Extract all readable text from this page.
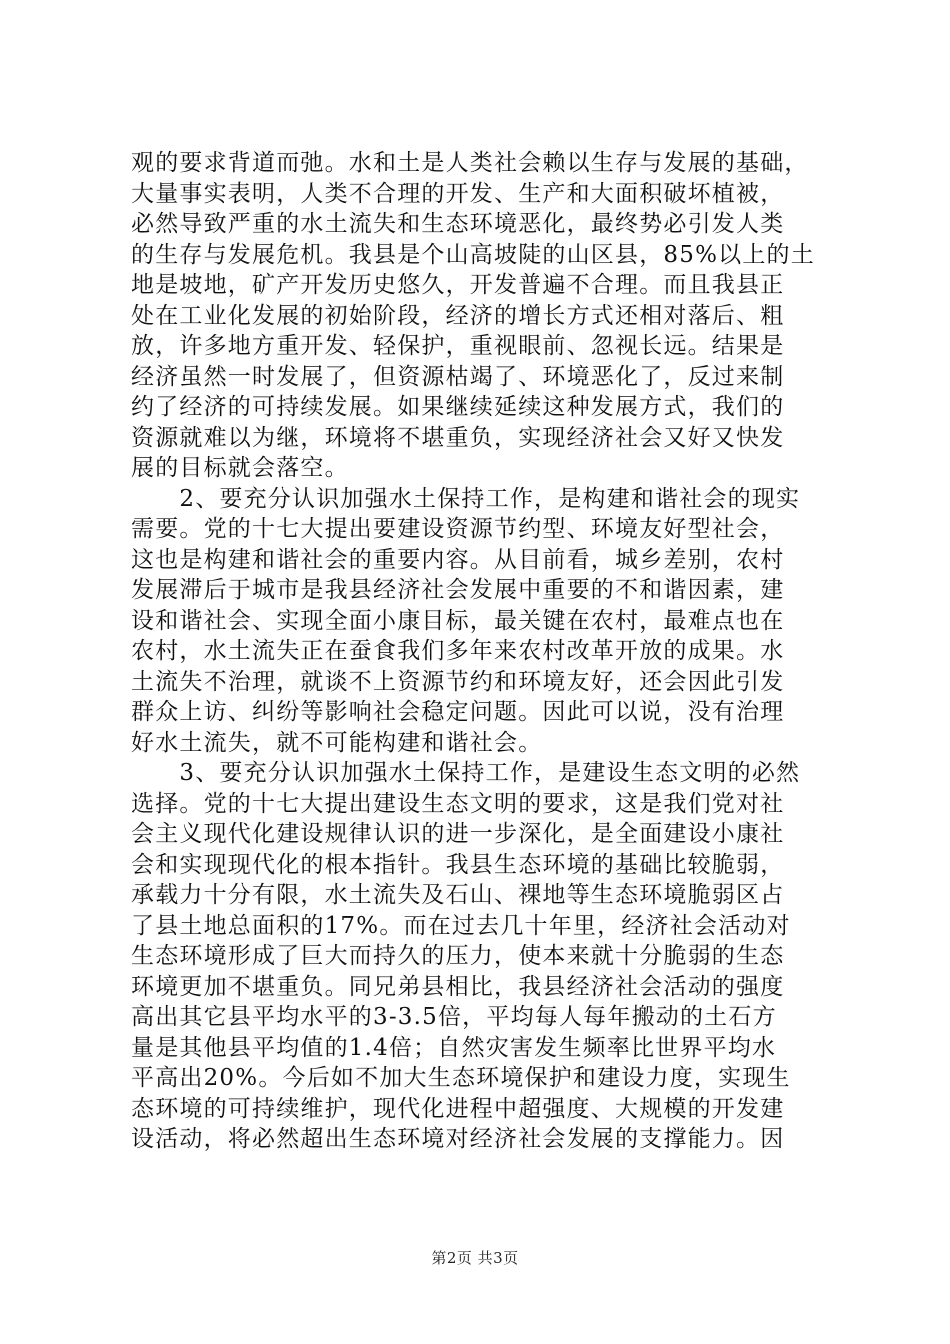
观的要求背道而弛。水和土是人类社会赖以生存与发展的基础，
大量事实表明，人类不合理的开发、生产和大面积破坏植被，
必然导致严重的水土流失和生态环境恶化，最终势必引发人类
的生存与发展危机。我县是个山高坡陡的山区县，85%以上的土
地是坡地，矿产开发历史悠久，开发普遍不合理。而且我县正
处在工业化发展的初始阶段，经济的增长方式还相对落后、粗
放，许多地方重开发、轻保护，重视眼前、忽视长远。结果是
经济虽然一时发展了，但资源枯竭了、环境恶化了，反过来制
约了经济的可持续发展。如果继续延续这种发展方式，我们的
资源就难以为继，环境将不堪重负，实现经济社会又好又快发
展的目标就会落空。
　　2、要充分认识加强水土保持工作，是构建和谐社会的现实
需要。党的十七大提出要建设资源节约型、环境友好型社会，
这也是构建和谐社会的重要内容。从目前看，城乡差别，农村
发展滞后于城市是我县经济社会发展中重要的不和谐因素，建
设和谐社会、实现全面小康目标，最关键在农村，最难点也在
农村，水土流失正在蚕食我们多年来农村改革开放的成果。水
土流失不治理，就谈不上资源节约和环境友好，还会因此引发
群众上访、纠纷等影响社会稳定问题。因此可以说，没有治理
好水土流失，就不可能构建和谐社会。
　　3、要充分认识加强水土保持工作，是建设生态文明的必然
选择。党的十七大提出建设生态文明的要求，这是我们党对社
会主义现代化建设规律认识的进一步深化，是全面建设小康社
会和实现现代化的根本指针。我县生态环境的基础比较脆弱，
承载力十分有限，水土流失及石山、裸地等生态环境脆弱区占
了县土地总面积的17%。而在过去几十年里，经济社会活动对
生态环境形成了巨大而持久的压力，使本来就十分脆弱的生态
环境更加不堪重负。同兄弟县相比，我县经济社会活动的强度
高出其它县平均水平的3-3.5倍，平均每人每年搬动的土石方
量是其他县平均值的1.4倍；自然灾害发生频率比世界平均水
平高出20%。今后如不加大生态环境保护和建设力度，实现生
态环境的可持续维护，现代化进程中超强度、大规模的开发建
设活动，将必然超出生态环境对经济社会发展的支撑能力。因
第2页 共3页
